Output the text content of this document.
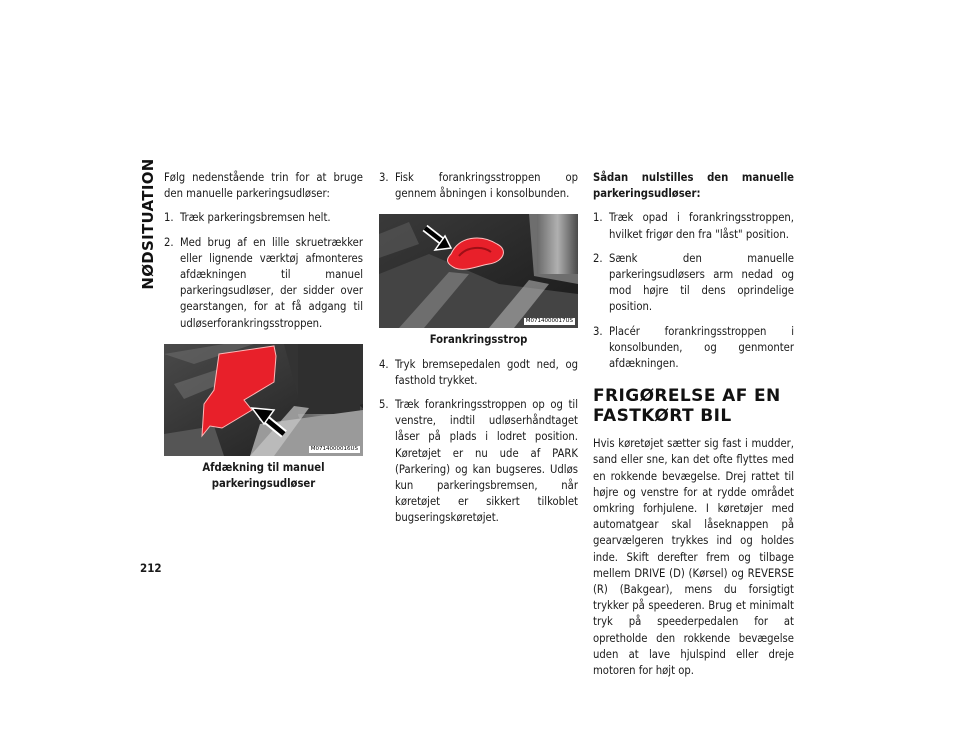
NØDSITUATION
212

Følg nedenstående trin for at bruge den manuelle parkeringsudløser:

1. Træk parkeringsbremsen helt.
2. Med brug af en lille skruetrækker eller lignende værktøj afmonteres afdækningen til manuel parkeringsudløser, der sidder over gearstangen, for at få adgang til udløserforankringsstroppen.
M0714000016US
Afdækning til manuel parkeringsudløser
3. Fisk forankringsstroppen op gennem åbningen i konsolbunden.
M0714000017US
Forankringsstrop
4. Tryk bremsepedalen godt ned, og fasthold trykket.
5. Træk forankringsstroppen op og til venstre, indtil udløserhåndtaget låser på plads i lodret position. Køretøjet er nu ude af PARK (Parkering) og kan bugseres. Udløs kun parkeringsbremsen, når køretøjet er sikkert tilkoblet bugseringskøretøjet.

Sådan nulstilles den manuelle parkeringsudløser:

1. Træk opad i forankringsstroppen, hvilket frigør den fra "låst" position.
2. Sænk den manuelle parkeringsudløsers arm nedad og mod højre til dens oprindelige position.
3. Placér forankringsstroppen i konsolbunden, og genmonter afdækningen.
FRIGØRELSE AF EN FASTKØRT BIL

Hvis køretøjet sætter sig fast i mudder, sand eller sne, kan det ofte flyttes med en rokkende bevægelse. Drej rattet til højre og venstre for at rydde området omkring forhjulene. I køretøjer med automatgear skal låseknappen på gearvælgeren trykkes ind og holdes inde. Skift derefter frem og tilbage mellem DRIVE (D) (Kørsel) og REVERSE (R) (Bakgear), mens du forsigtigt trykker på speederen. Brug et minimalt tryk på speederpedalen for at opretholde den rokkende bevægelse uden at lave hjulspind eller dreje motoren for højt op.
